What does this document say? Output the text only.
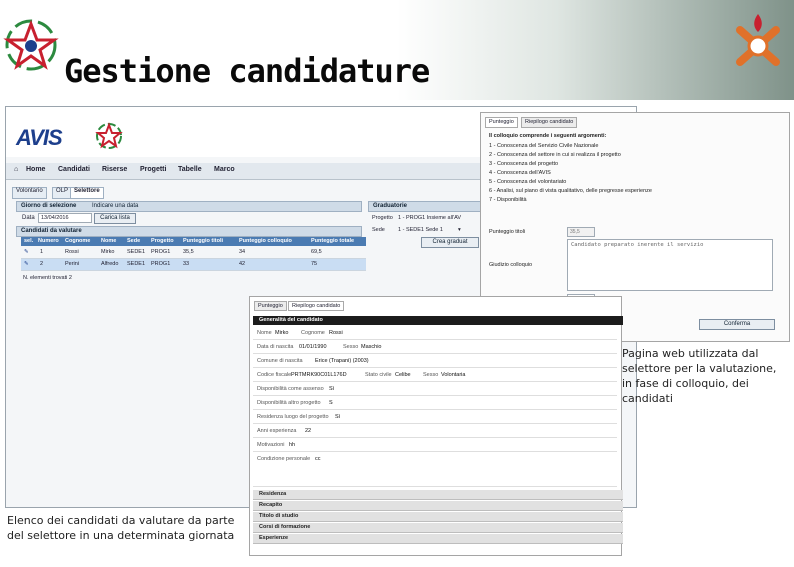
Gestione candidature
AVIS
⌂ Home Candidati Riserse Progetti Tabelle Marco
Volontario	OLP Selettore
Giorno di selezione	Indicare una data
Data 13/04/2016	Carica lista
Candidati da valutare
sel. Numero Cognome Nome Sede Progetto Punteggio titoli	Punteggio colloquio	Punteggio totale
✎ 1	Rossi	Mirko SEDE1 PROG1 35,5	34	69,5
✎ 2	Perini	Alfredo SEDE1 PROG1 33	42	75
N. elementi trovati 2
Graduatorie
Progetto 1 - PROG1 Insieme all'AV
Sede 1 - SEDE1 Sede 1	▾
Crea graduat
Punteggio	Riepilogo candidato
Il colloquio comprende i seguenti argomenti:
1 - Conoscenza del Servizio Civile Nazionale
2 - Conoscenza del settore in cui si realizza il progetto
3 - Conoscenza del progetto
4 - Conoscenza dell'AVIS
5 - Conoscenza del volontariato
6 - Analisi, sul piano di vista qualitativo, delle pregresse esperienze
7 - Disponibilità
Punteggio titoli	35,5
Giudizio colloquio
Candidato preparato inerente il servizio
Conferma
Punteggio	Riepilogo candidato
Generalità del candidato
Nome Mirko Cognome Rossi
Data di nascita 01/01/1990	Sesso Maschio
Comune di nascita Erice (Trapani) (2003)
Codice fiscale PRTMRK90C01L176D	Stato civile Celibe Sesso Volontaria
Disponibilità come assenso Sì
Disponibilità altro progetto S
Residenza luogo del progetto Sì
Anni esperienza 22
Motivazioni hh
Condizione personale cc
Residenza
Recapito
Titolo di studio
Corsi di formazione
Esperienze
Pagina web utilizzata dal selettore per la valutazione, in fase di colloquio, dei candidati
Elenco dei candidati da valutare da parte del selettore in una determinata giornata
